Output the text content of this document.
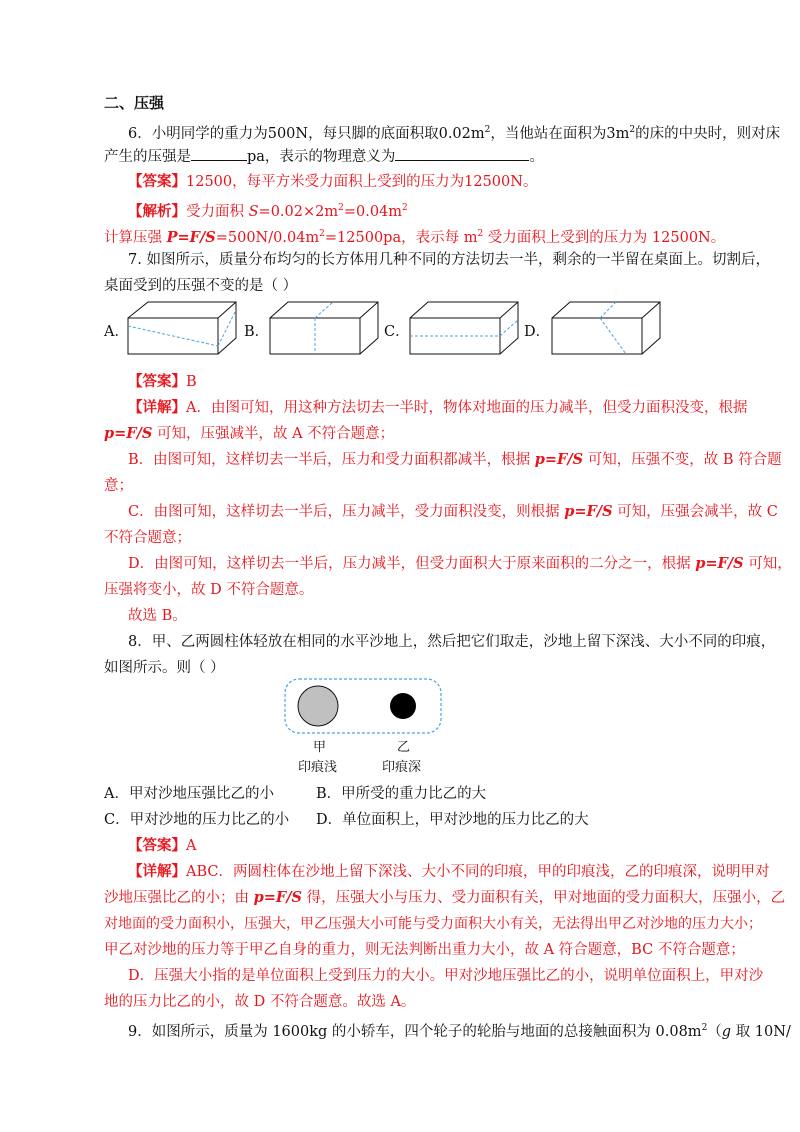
二、压强
6．小明同学的重力为500N，每只脚的底面积取$0.02m^2$，当他站在面积为$3m^2$的床的中央时，则对床
产生的压强是	pa，表示的物理意义为	。
【答案】12500，每平方米受力面积上受到的压力为12500N。
【解析】受力面积 $S=0.02\times 2m^2=0.04m^2$
计算压强 $P=F/S=500N/0.04m^2=12500pa$，表示每 $m^2$ 受力面积上受到的压力为 12500N。
7. 如图所示，质量分布均匀的长方体用几种不同的方法切去一半，剩余的一半留在桌面上。切割后，
桌面受到的压强不变的是（ ）
A．	B．	C．	D．
【答案】B
【详解】A．由图可知，用这种方法切去一半时，物体对地面的压力减半，但受力面积没变，根据
p=F/S 可知，压强减半，故 A 不符合题意；
B．由图可知，这样切去一半后，压力和受力面积都减半，根据 p=F/S 可知，压强不变，故 B 符合题
意；
C．由图可知，这样切去一半后，压力减半，受力面积没变，则根据 p=F/S 可知，压强会减半，故 C
不符合题意；
D．由图可知，这样切去一半后，压力减半，但受力面积大于原来面积的二分之一，根据 p=F/S 可知，
压强将变小，故 D 不符合题意。
故选 B。
8．甲、乙两圆柱体轻放在相同的水平沙地上，然后把它们取走，沙地上留下深浅、大小不同的印痕，
如图所示。则（ ）
甲	乙
印痕浅	印痕深
A．甲对沙地压强比乙的小	B．甲所受的重力比乙的大
C．甲对沙地的压力比乙的小 D．单位面积上，甲对沙地的压力比乙的大
【答案】A
【详解】ABC．两圆柱体在沙地上留下深浅、大小不同的印痕，甲的印痕浅，乙的印痕深，说明甲对
沙地压强比乙的小；由 p=F/S 得，压强大小与压力、受力面积有关，甲对地面的受力面积大，压强小，乙
对地面的受力面积小，压强大，甲乙压强大小可能与受力面积大小有关，无法得出甲乙对沙地的压力大小；
甲乙对沙地的压力等于甲乙自身的重力，则无法判断出重力大小，故 A 符合题意，BC 不符合题意；
D．压强大小指的是单位面积上受到压力的大小。甲对沙地压强比乙的小，说明单位面积上，甲对沙
地的压力比乙的小，故 D 不符合题意。故选 A。
9．如图所示，质量为 1600kg 的小轿车，四个轮子的轮胎与地面的总接触面积为 $0.08m^2(g$ 取 10N/
